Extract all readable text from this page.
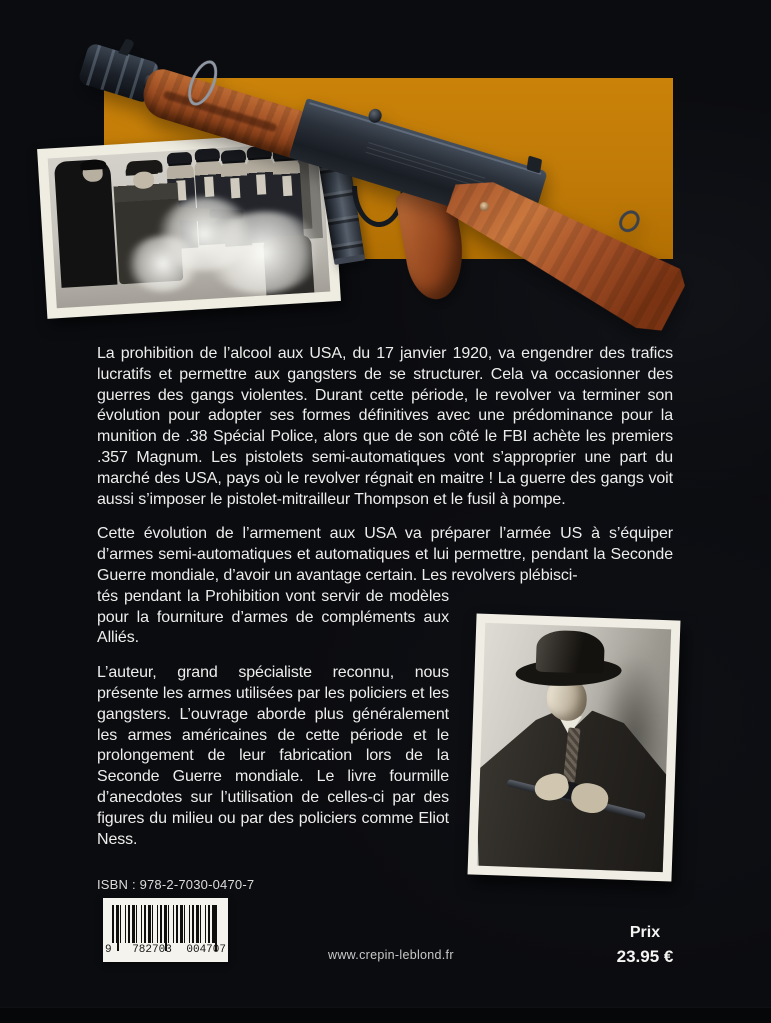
La prohibition de l’alcool aux USA, du 17 janvier 1920, va engendrer des trafics lucratifs et permettre aux gangsters de se structurer. Cela va occasionner des guerres des gangs violentes. Durant cette période, le revolver va terminer son évolution pour adopter ses formes définitives avec une prédominance pour la munition de .38 Spécial Police, alors que de son côté le FBI achète les premiers .357 Magnum. Les pistolets semi-automatiques vont s’approprier une part du marché des USA, pays où le revolver régnait en maitre ! La guerre des gangs voit aussi s’imposer le pistolet-mitrailleur Thompson et le fusil à pompe.

Cette évolution de l’armement aux USA va préparer l’armée US à s’équiper d’armes semi-automatiques et automatiques et lui permettre, pendant la Seconde Guerre mondiale, d’avoir un avantage certain. Les revolvers plébisci-

tés pendant la Prohibition vont servir de modèles pour la fourniture d’armes de compléments aux Alliés.

L’auteur, grand spécialiste reconnu, nous présente les armes utilisées par les policiers et les gangsters. L’ouvrage aborde plus généralement les armes américaines de cette période et le prolongement de leur fabrication lors de la Seconde Guerre mondiale. Le livre fourmille d’anecdotes sur l’utilisation de celles-ci par des figures du milieu ou par des policiers comme Eliot Ness.

ISBN : 978-2-7030-0470-7
9 782703 004707	www.crepin-leblond.fr
Prix
23.95 €
